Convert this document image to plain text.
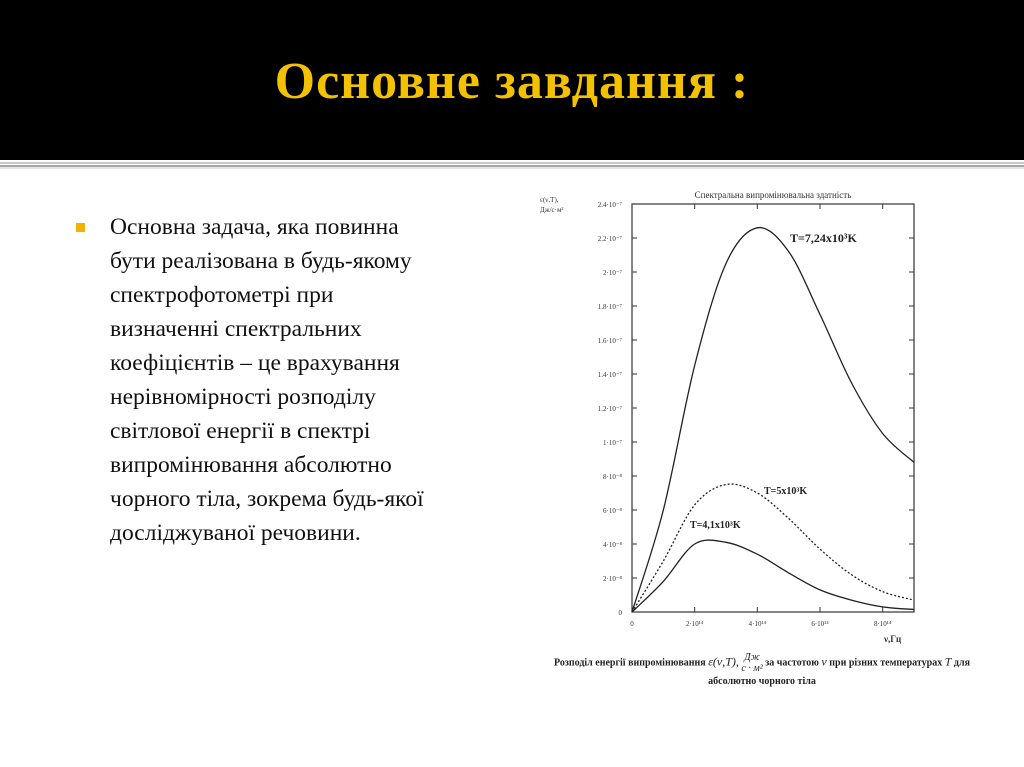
Основне завдання :
Основна задача, яка повинна
бути реалізована в будь-якому
спектрофотометрі при
визначенні спектральних
коефіцієнтів – це врахування
нерівномірності розподілу
світлової енергії в спектрі
випромінювання абсолютно
чорного тіла, зокрема будь-якої
досліджуваної речовини.
Спектральна випромінювальна здатність
0
2·10⁻⁸
4·10⁻⁸
6·10⁻⁸
8·10⁻⁸
1·10⁻⁷
1.2·10⁻⁷
1.4·10⁻⁷
1.6·10⁻⁷
1.8·10⁻⁷
2·10⁻⁷
2.2·10⁻⁷
2.4·10⁻⁷
0	2·10¹⁴	4·10¹⁴	6·10¹⁴	8·10¹⁴
ν,Гц
ε(ν,T),
Дж/с·м²
T=7,24x10³K
T=5x10³K
T=4,1x10³K
Розподіл енергії випромінювання ε(ν,T), Дж
с · м²
за частотою ν при різних температурах T для
абсолютно чорного тіла
